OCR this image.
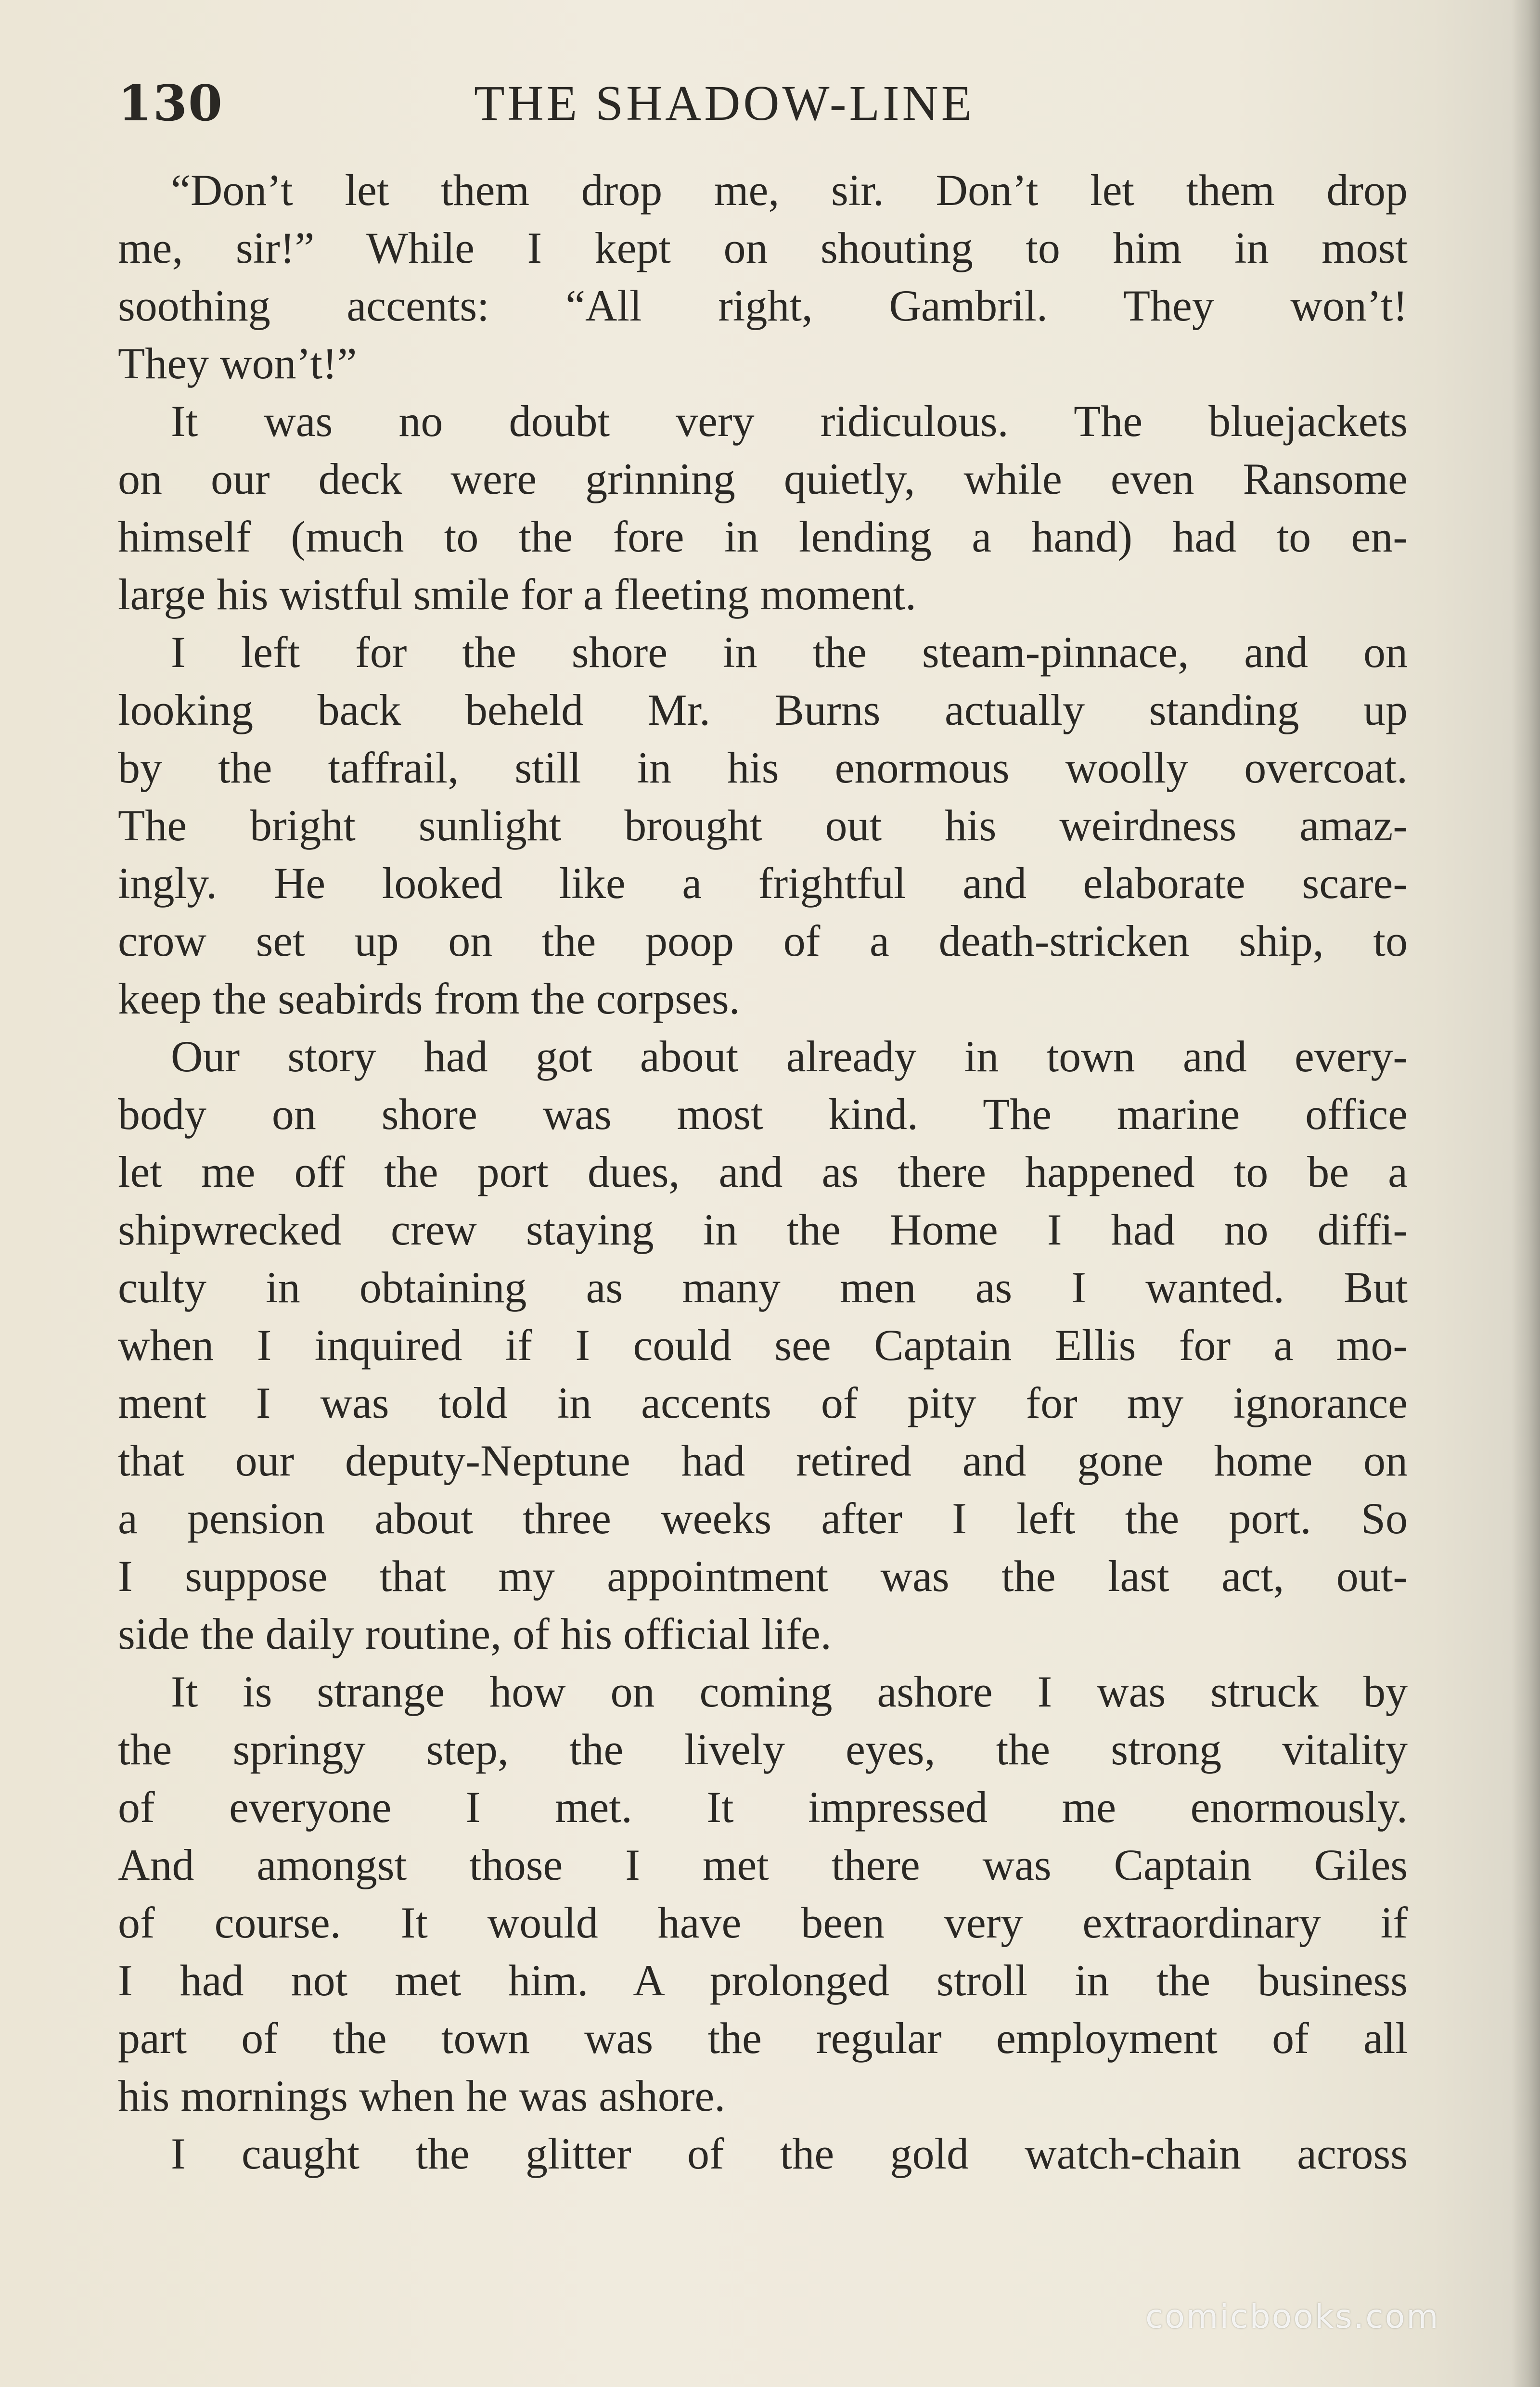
130	THE SHADOW-LINE
“Don’t let them drop me, sir. Don’t let them drop
me, sir!” While I kept on shouting to him in most
soothing accents: “All right, Gambril. They won’t!
They won’t!”
It was no doubt very ridiculous. The bluejackets
on our deck were grinning quietly, while even Ransome
himself (much to the fore in lending a hand) had to en-
large his wistful smile for a fleeting moment.
I left for the shore in the steam-pinnace, and on
looking back beheld Mr. Burns actually standing up
by the taffrail, still in his enormous woolly overcoat.
The bright sunlight brought out his weirdness amaz-
ingly. He looked like a frightful and elaborate scare-
crow set up on the poop of a death-stricken ship, to
keep the seabirds from the corpses.
Our story had got about already in town and every-
body on shore was most kind. The marine office
let me off the port dues, and as there happened to be a
shipwrecked crew staying in the Home I had no diffi-
culty in obtaining as many men as I wanted. But
when I inquired if I could see Captain Ellis for a mo-
ment I was told in accents of pity for my ignorance
that our deputy-Neptune had retired and gone home on
a pension about three weeks after I left the port. So
I suppose that my appointment was the last act, out-
side the daily routine, of his official life.
It is strange how on coming ashore I was struck by
the springy step, the lively eyes, the strong vitality
of everyone I met. It impressed me enormously.
And amongst those I met there was Captain Giles
of course. It would have been very extraordinary if
I had not met him. A prolonged stroll in the business
part of the town was the regular employment of all
his mornings when he was ashore.
I caught the glitter of the gold watch-chain across
comicbooks.com
